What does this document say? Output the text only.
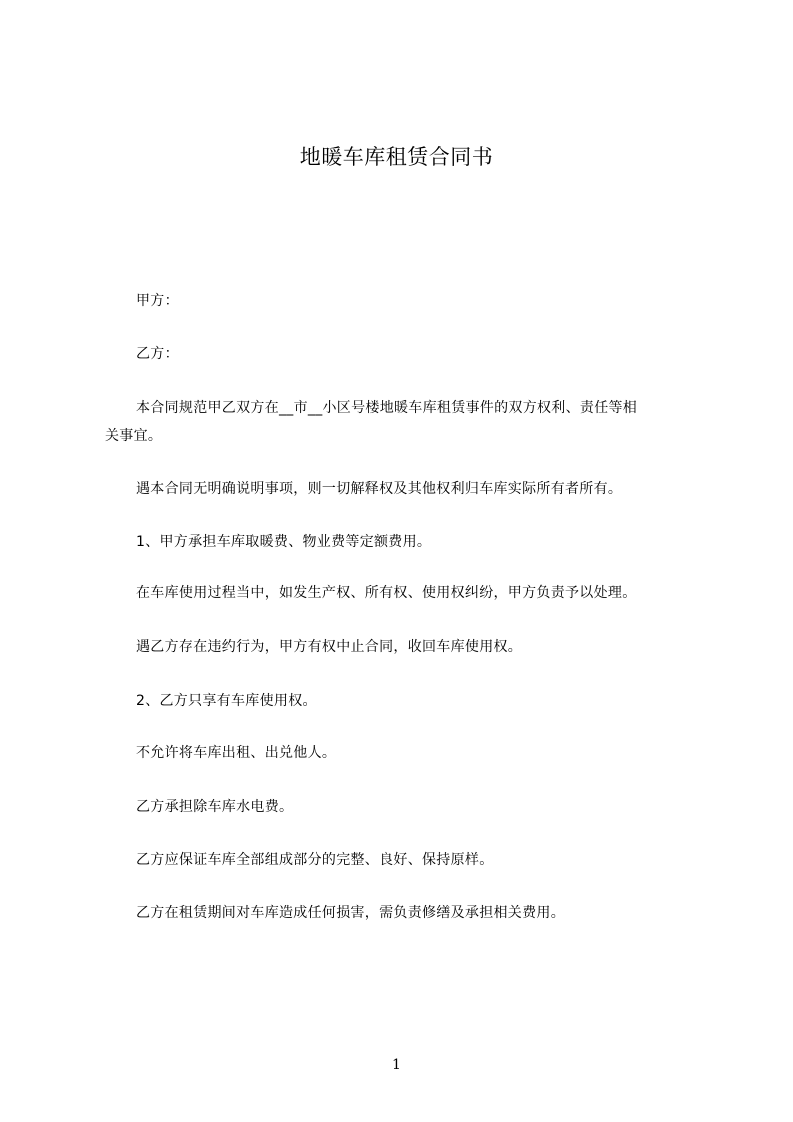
地暖车库租赁合同书
甲方：
乙方：
本合同规范甲乙双方在__市__小区号楼地暖车库租赁事件的双方权利、责任等相
关事宜。
遇本合同无明确说明事项，则一切解释权及其他权利归车库实际所有者所有。
1、甲方承担车库取暖费、物业费等定额费用。
在车库使用过程当中，如发生产权、所有权、使用权纠纷，甲方负责予以处理。
遇乙方存在违约行为，甲方有权中止合同，收回车库使用权。
2、乙方只享有车库使用权。
不允许将车库出租、出兑他人。
乙方承担除车库水电费。
乙方应保证车库全部组成部分的完整、良好、保持原样。
乙方在租赁期间对车库造成任何损害，需负责修缮及承担相关费用。
1
